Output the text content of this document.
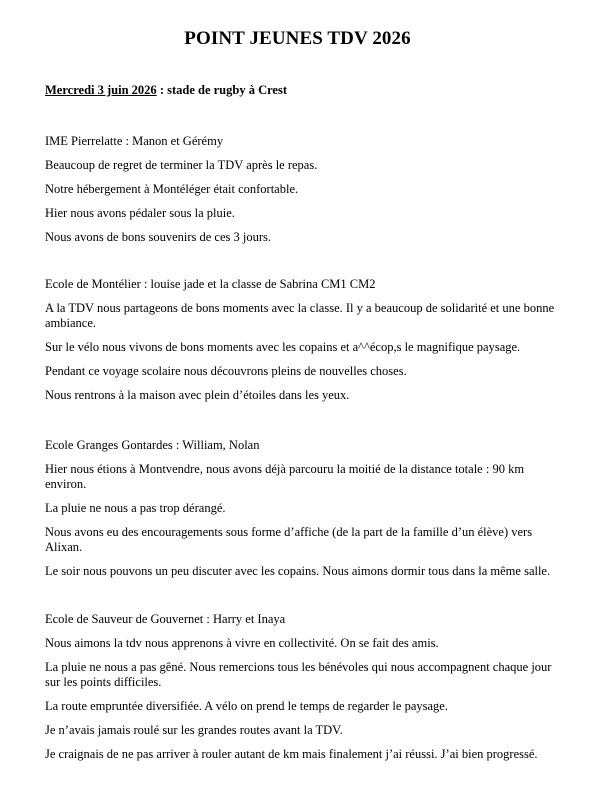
POINT JEUNES TDV 2026

Mercredi 3 juin 2026 : stade de rugby à Crest

IME Pierrelatte : Manon et Gérémy

Beaucoup de regret de terminer la TDV après le repas.

Notre hébergement à Montéléger était confortable.

Hier nous avons pédaler sous la pluie.

Nous avons de bons souvenirs de ces 3 jours.

Ecole de Montélier : louise jade et la classe de Sabrina CM1 CM2

A la TDV nous partageons de bons moments avec la classe. Il y a beaucoup de solidarité et une bonne ambiance.

Sur le vélo nous vivons de bons moments avec les copains et a^^écop,s le magnifique paysage.

Pendant ce voyage scolaire nous découvrons pleins de nouvelles choses.

Nous rentrons à la maison avec plein d’étoiles dans les yeux.

Ecole Granges Gontardes : William, Nolan

Hier nous étions à Montvendre, nous avons déjà parcouru la moitié de la distance totale : 90 km environ.

La pluie ne nous a pas trop dérangé.

Nous avons eu des encouragements sous forme d’affiche (de la part de la famille d’un élève) vers Alixan.

Le soir nous pouvons un peu discuter avec les copains. Nous aimons dormir tous dans la même salle.

Ecole de Sauveur de Gouvernet : Harry et Inaya

Nous aimons la tdv nous apprenons à vivre en collectivité. On se fait des amis.

La pluie ne nous a pas gêné. Nous remercions tous les bénévoles qui nous accompagnent chaque jour sur les points difficiles.

La route empruntée diversifiée. A vélo on prend le temps de regarder le paysage.

Je n’avais jamais roulé sur les grandes routes avant la TDV.

Je craignais de ne pas arriver à rouler autant de km mais finalement j’ai réussi. J’ai bien progressé.
